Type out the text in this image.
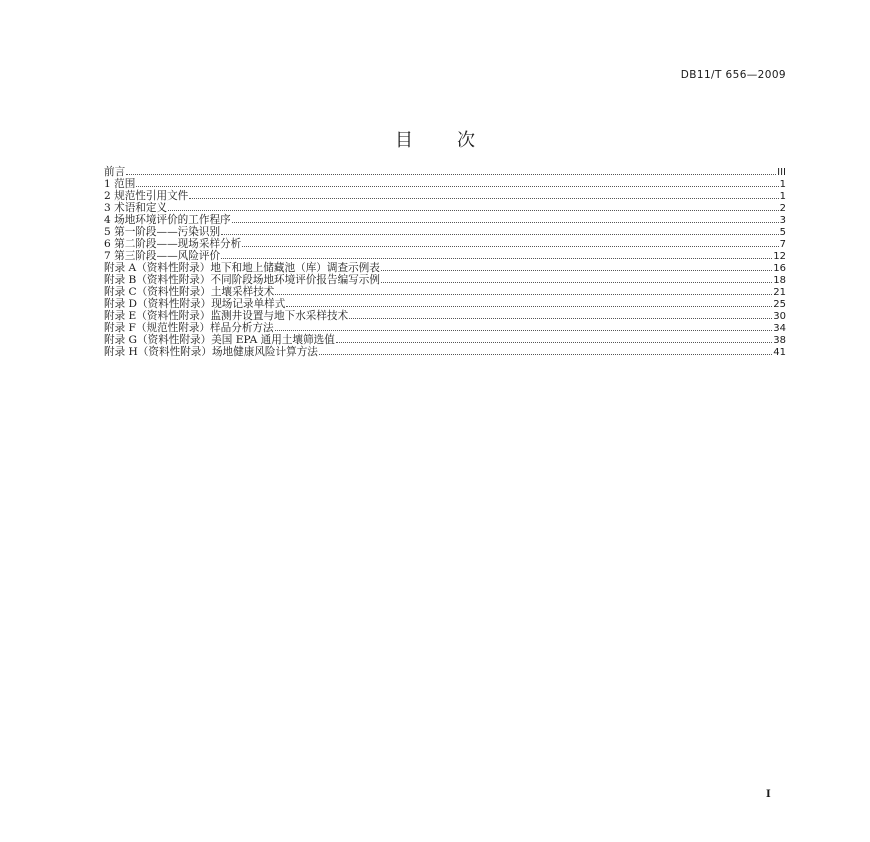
DB11/T 656—2009
目次
前言	III
1 范围	1
2 规范性引用文件	1
3 术语和定义	2
4 场地环境评价的工作程序	3
5 第一阶段——污染识别	5
6 第二阶段——现场采样分析	7
7 第三阶段——风险评价	12
附录 A（资料性附录）地下和地上储藏池（库）调查示例表	16
附录 B（资料性附录）不同阶段场地环境评价报告编写示例	18
附录 C（资料性附录）土壤采样技术	21
附录 D（资料性附录）现场记录单样式	25
附录 E（资料性附录）监测井设置与地下水采样技术	30
附录 F（规范性附录）样品分析方法	34
附录 G（资料性附录）美国 EPA 通用土壤筛选值	38
附录 H（资料性附录）场地健康风险计算方法	41
I
